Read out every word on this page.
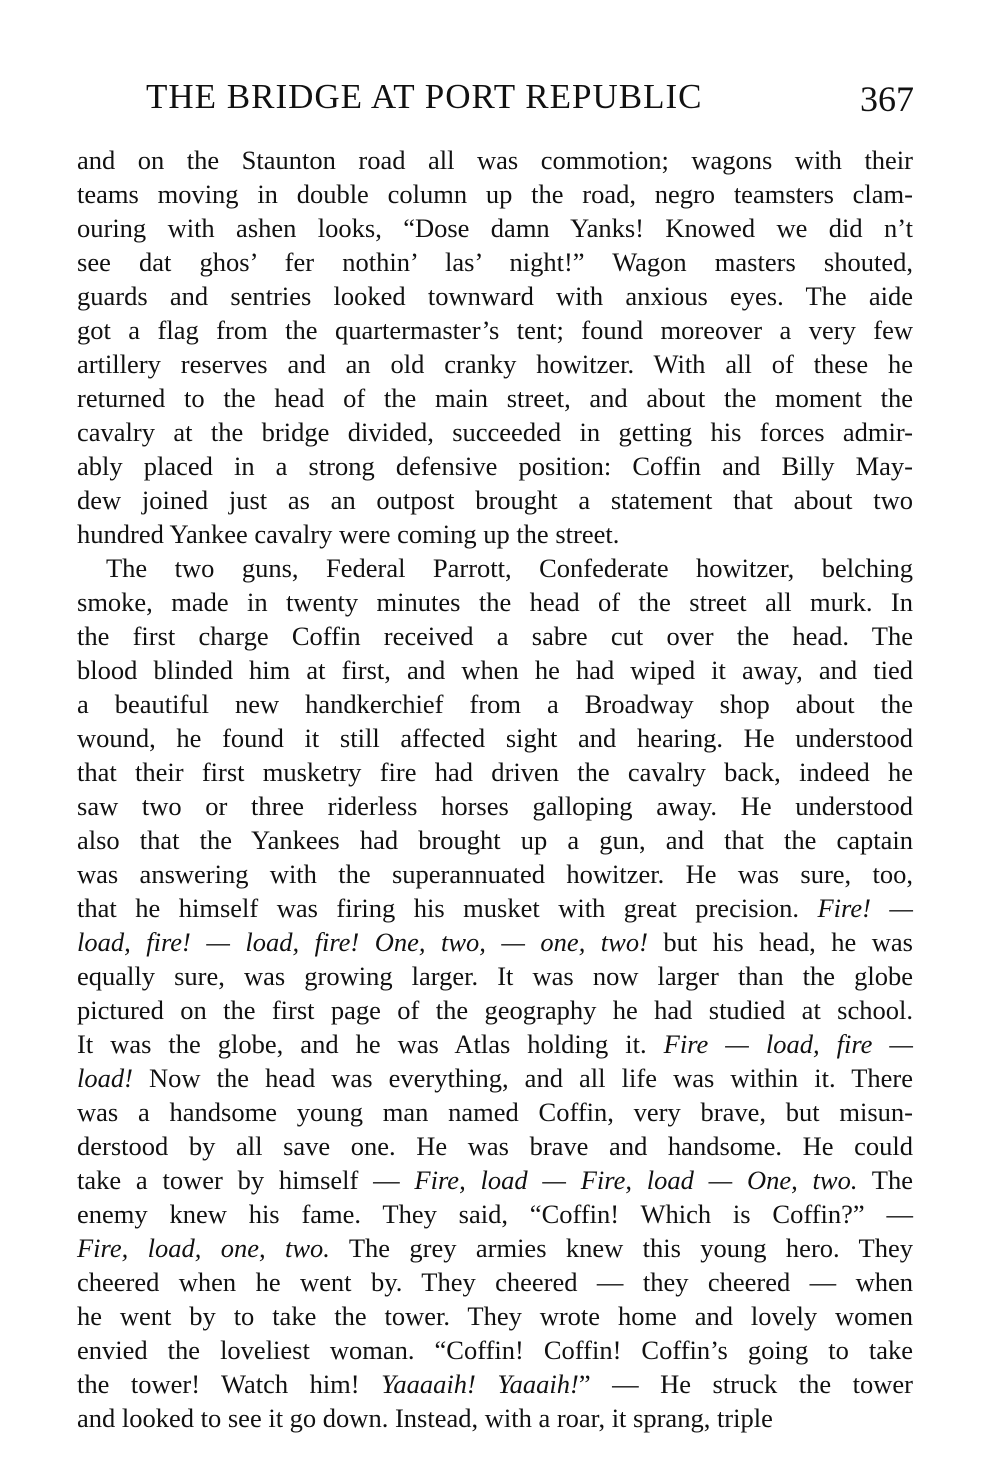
THE BRIDGE AT PORT REPUBLIC	367
and on the Staunton road all was commotion; wagons with their
teams moving in double column up the road, negro teamsters clam-
ouring with ashen looks, “Dose damn Yanks! Knowed we did n’t
see dat ghos’ fer nothin’ las’ night!” Wagon masters shouted,
guards and sentries looked townward with anxious eyes. The aide
got a flag from the quartermaster’s tent; found moreover a very few
artillery reserves and an old cranky howitzer. With all of these he
returned to the head of the main street, and about the moment the
cavalry at the bridge divided, succeeded in getting his forces admir-
ably placed in a strong defensive position: Coffin and Billy May-
dew joined just as an outpost brought a statement that about two
hundred Yankee cavalry were coming up the street.
The two guns, Federal Parrott, Confederate howitzer, belching
smoke, made in twenty minutes the head of the street all murk. In
the first charge Coffin received a sabre cut over the head. The
blood blinded him at first, and when he had wiped it away, and tied
a beautiful new handkerchief from a Broadway shop about the
wound, he found it still affected sight and hearing. He understood
that their first musketry fire had driven the cavalry back, indeed he
saw two or three riderless horses galloping away. He understood
also that the Yankees had brought up a gun, and that the captain
was answering with the superannuated howitzer. He was sure, too,
that he himself was firing his musket with great precision. Fire! —
load, fire! — load, fire! One, two, — one, two! but his head, he was
equally sure, was growing larger. It was now larger than the globe
pictured on the first page of the geography he had studied at school.
It was the globe, and he was Atlas holding it. Fire — load, fire —
load! Now the head was everything, and all life was within it. There
was a handsome young man named Coffin, very brave, but misun-
derstood by all save one. He was brave and handsome. He could
take a tower by himself — Fire, load — Fire, load — One, two. The
enemy knew his fame. They said, “Coffin! Which is Coffin?” —
Fire, load, one, two. The grey armies knew this young hero. They
cheered when he went by. They cheered — they cheered — when
he went by to take the tower. They wrote home and lovely women
envied the loveliest woman. “Coffin! Coffin! Coffin’s going to take
the tower! Watch him! Yaaaaih! Yaaaih!” — He struck the tower
and looked to see it go down. Instead, with a roar, it sprang, triple
